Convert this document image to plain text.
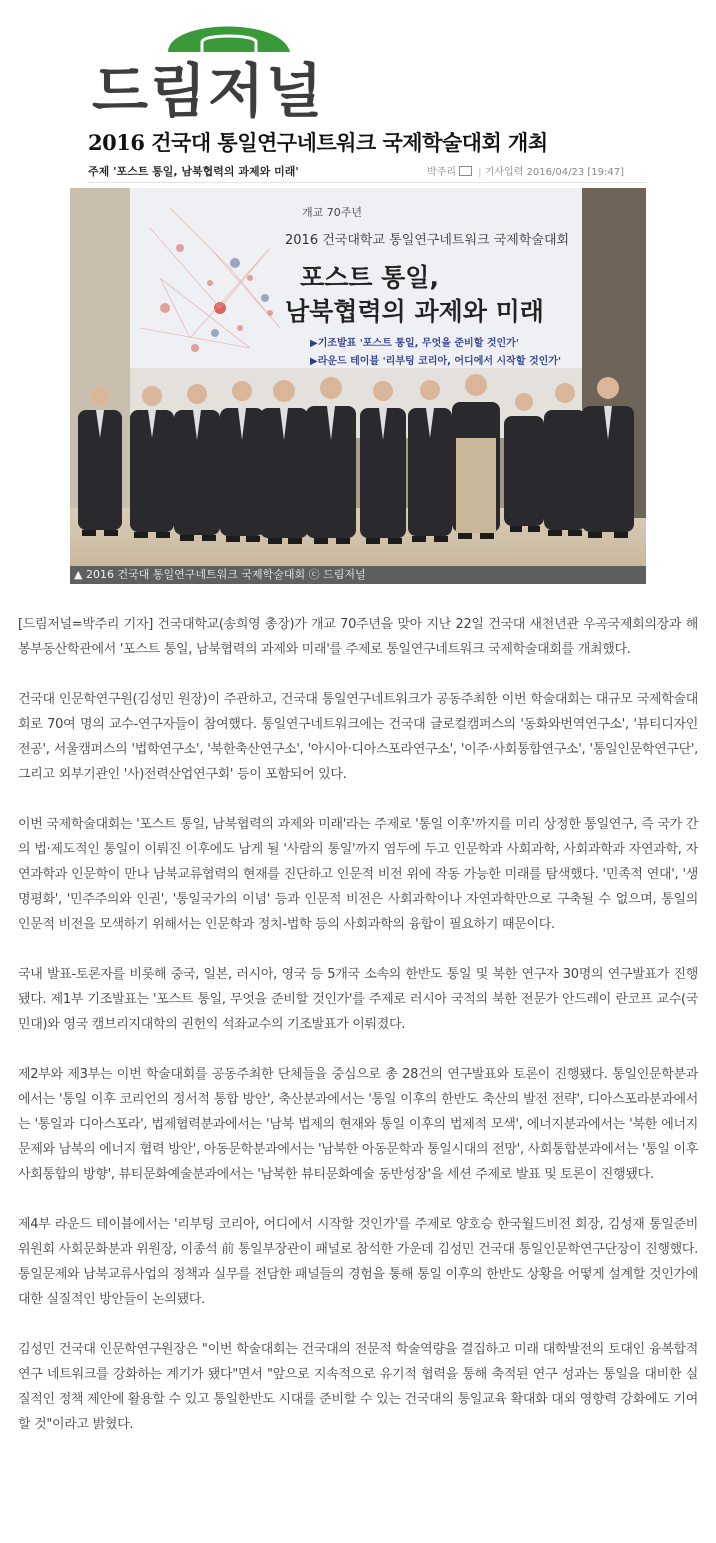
드림저널
2016 건국대 통일연구네트워크 국제학술대회 개최
주제 '포스트 통일, 남북협력의 과제와 미래'	박주리 | 기사입력 2016/04/23 [19:47]
개교 70주년
2016 건국대학교 통일연구네트워크 국제학술대회
포스트 통일,
남북협력의 과제와 미래
▶기조발표 '포스트 통일, 무엇을 준비할 것인가'
▶라운드 테이블 '리부팅 코리아, 어디에서 시작할 것인가'
▲ 2016 건국대 통일연구네트워크 국제학술대회 ⓒ 드림저널

[드림저널=박주리 기자] 건국대학교(송희영 총장)가 개교 70주년을 맞아 지난 22일 건국대 새천년관 우곡국제회의장과 해봉부동산학관에서 '포스트 통일, 남북협력의 과제와 미래'를 주제로 통일연구네트워크 국제학술대회를 개최했다.

건국대 인문학연구원(김성민 원장)이 주관하고, 건국대 통일연구네트워크가 공동주최한 이번 학술대회는 대규모 국제학술대회로 70여 명의 교수-연구자들이 참여했다. 통일연구네트워크에는 건국대 글로컬캠퍼스의 '동화와번역연구소', '뷰티디자인전공', 서울캠퍼스의 '법학연구소', '북한축산연구소', '아시아·디아스포라연구소', '이주·사회통합연구소', '통일인문학연구단', 그리고 외부기관인 '사)전력산업연구회' 등이 포함되어 있다.

이번 국제학술대회는 '포스트 통일, 남북협력의 과제와 미래'라는 주제로 '통일 이후'까지를 미리 상정한 통일연구, 즉 국가 간의 법·제도적인 통일이 이뤄진 이후에도 남게 될 '사람의 통일'까지 염두에 두고 인문학과 사회과학, 사회과학과 자연과학, 자연과학과 인문학이 만나 남북교류협력의 현재를 진단하고 인문적 비전 위에 작동 가능한 미래를 탐색했다. '민족적 연대', '생명평화', '민주주의와 인권', '통일국가의 이념' 등과 인문적 비전은 사회과학이나 자연과학만으로 구축될 수 없으며, 통일의 인문적 비전을 모색하기 위해서는 인문학과 정치-법학 등의 사회과학의 융합이 필요하기 때문이다.

국내 발표-토론자를 비롯해 중국, 일본, 러시아, 영국 등 5개국 소속의 한반도 통일 및 북한 연구자 30명의 연구발표가 진행됐다. 제1부 기조발표는 '포스트 통일, 무엇을 준비할 것인가'를 주제로 러시아 국적의 북한 전문가 안드레이 란코프 교수(국민대)와 영국 캠브리지대학의 권헌익 석좌교수의 기조발표가 이뤄졌다.

제2부와 제3부는 이번 학술대회를 공동주최한 단체들을 중심으로 총 28건의 연구발표와 토론이 진행됐다. 통일인문학분과에서는 '통일 이후 코리언의 정서적 통합 방안', 축산분과에서는 '통일 이후의 한반도 축산의 발전 전략', 디아스포라분과에서는 '통일과 디아스포라', 법제협력분과에서는 '남북 법제의 현재와 통일 이후의 법제적 모색', 에너지분과에서는 '북한 에너지 문제와 남북의 에너지 협력 방안', 아동문학분과에서는 '남북한 아동문학과 통일시대의 전망', 사회통합분과에서는 '통일 이후 사회통합의 방향', 뷰티문화예술분과에서는 '남북한 뷰티문화예술 동반성장'을 세션 주제로 발표 및 토론이 진행됐다.

제4부 라운드 테이블에서는 '리부팅 코리아, 어디에서 시작할 것인가'를 주제로 양호승 한국월드비전 회장, 김성재 통일준비위원회 사회문화분과 위원장, 이종석 前 통일부장관이 패널로 참석한 가운데 김성민 건국대 통일인문학연구단장이 진행했다. 통일문제와 남북교류사업의 정책과 실무를 전담한 패널들의 경험을 통해 통일 이후의 한반도 상황을 어떻게 설계할 것인가에 대한 실질적인 방안들이 논의됐다.

김성민 건국대 인문학연구원장은 "이번 학술대회는 건국대의 전문적 학술역량을 결집하고 미래 대학발전의 토대인 융복합적 연구 네트워크를 강화하는 계기가 됐다"면서 "앞으로 지속적으로 유기적 협력을 통해 축적된 연구 성과는 통일을 대비한 실질적인 정책 제안에 활용할 수 있고 통일한반도 시대를 준비할 수 있는 건국대의 통일교육 확대화 대외 영향력 강화에도 기여할 것"이라고 밝혔다.
